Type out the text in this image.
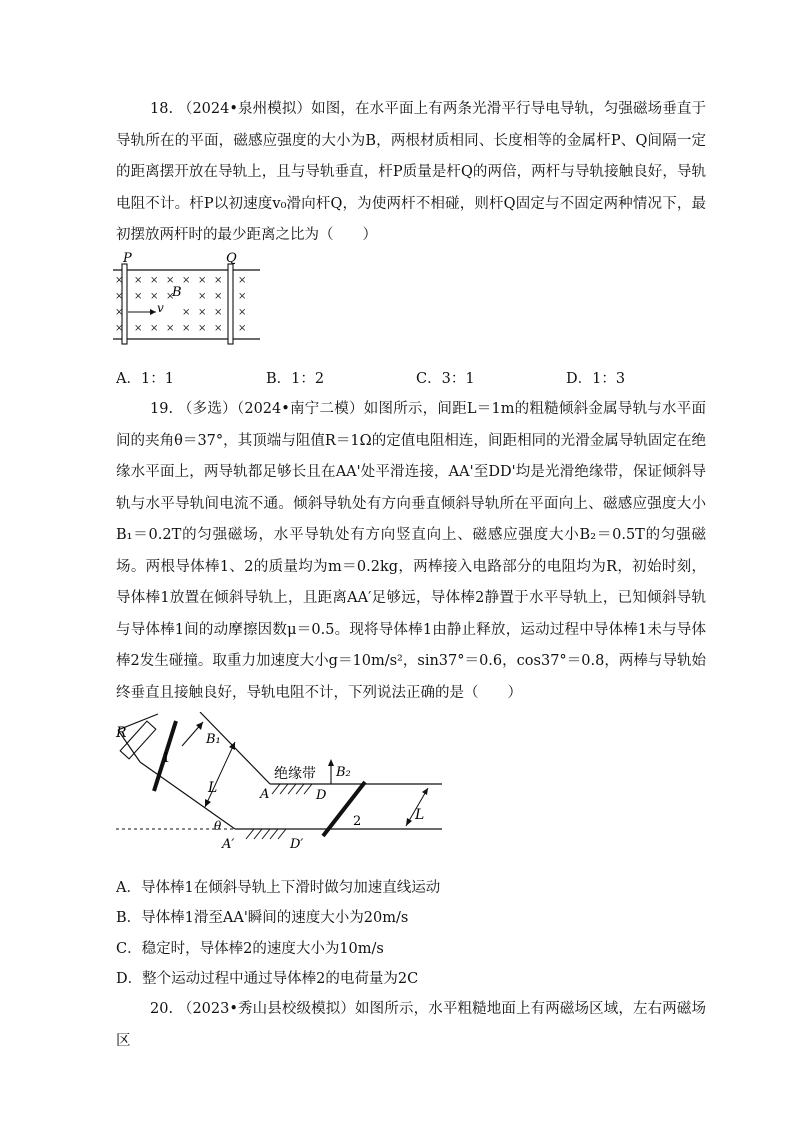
18. （2024•泉州模拟）如图，在水平面上有两条光滑平行导电导轨，匀强磁场垂直于导轨所在的平面，磁感应强度的大小为B，两根材质相同、长度相等的金属杆P、Q间隔一定的距离摆开放在导轨上，且与导轨垂直，杆P质量是杆Q的两倍，两杆与导轨接触良好，导轨电阻不计。杆P以初速度v₀滑向杆Q，为使两杆不相碰，则杆Q固定与不固定两种情况下，最初摆放两杆时的最少距离之比为（　　）
P	Q
× × × × × × × ×
× × × × × × ×
×	× × × ×
× × × × × × × ×
B
v
A．1：1	B．1：2	C．3：1	D．1：3
19. （多选）（2024•南宁二模）如图所示，间距L＝1m的粗糙倾斜金属导轨与水平面间的夹角θ＝37°，其顶端与阻值R＝1Ω的定值电阻相连，间距相同的光滑金属导轨固定在绝缘水平面上，两导轨都足够长且在AA'处平滑连接，AA'至DD'均是光滑绝缘带，保证倾斜导轨与水平导轨间电流不通。倾斜导轨处有方向垂直倾斜导轨所在平面向上、磁感应强度大小B₁＝0.2T的匀强磁场，水平导轨处有方向竖直向上、磁感应强度大小B₂＝0.5T的匀强磁场。两根导体棒1、2的质量均为m＝0.2kg，两棒接入电路部分的电阻均为R，初始时刻，导体棒1放置在倾斜导轨上，且距离AA′足够远，导体棒2静置于水平导轨上，已知倾斜导轨与导体棒1间的动摩擦因数μ＝0.5。现将导体棒1由静止释放，运动过程中导体棒1未与导体棒2发生碰撞。取重力加速度大小g＝10m/s²，sin37°＝0.6，cos37°＝0.8，两棒与导轨始终垂直且接触良好，导轨电阻不计，下列说法正确的是（　　）
R
1
B₁
L
绝缘带 B₂
A	D
2	L
θ
A′	D′
A．导体棒1在倾斜导轨上下滑时做匀加速直线运动
B．导体棒1滑至AA'瞬间的速度大小为20m/s
C．稳定时，导体棒2的速度大小为10m/s
D．整个运动过程中通过导体棒2的电荷量为2C
20. （2023•秀山县校级模拟）如图所示，水平粗糙地面上有两磁场区域，左右两磁场区
